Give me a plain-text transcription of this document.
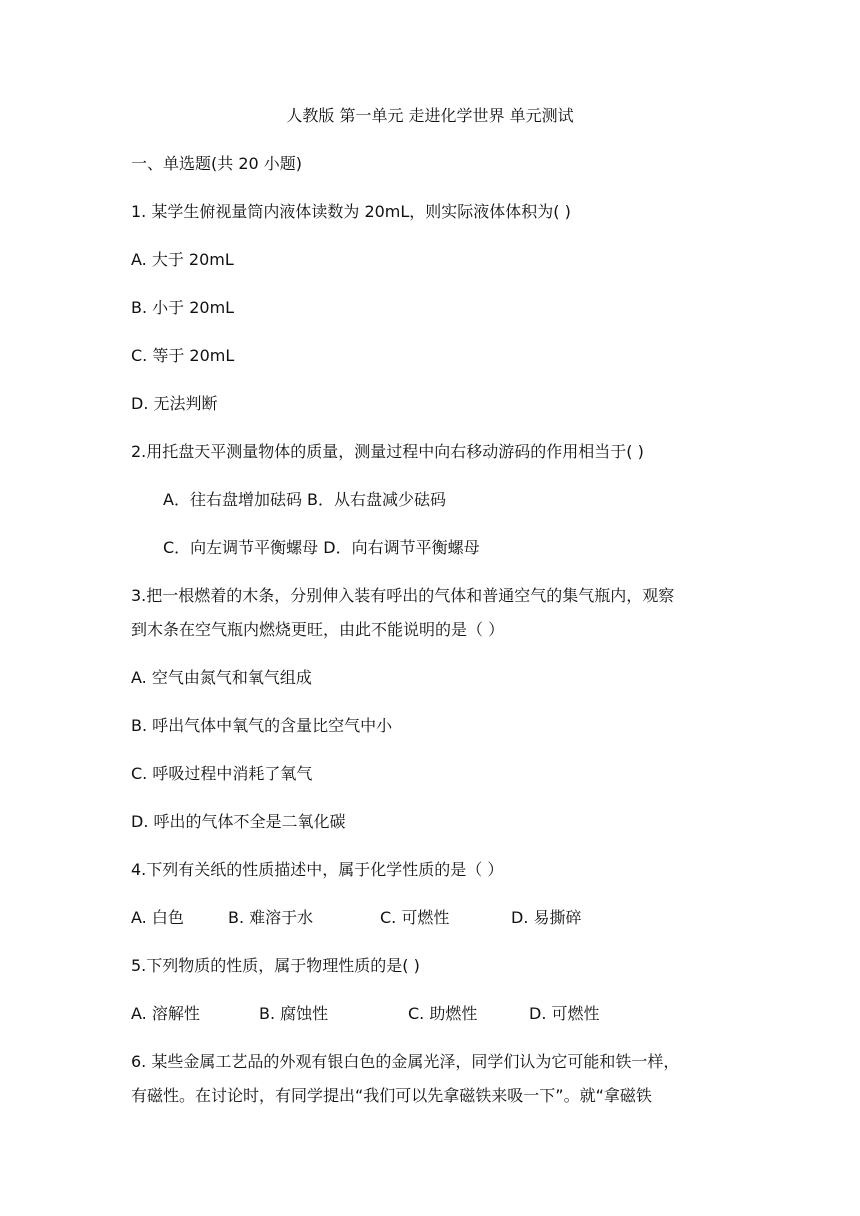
人教版 第一单元 走进化学世界 单元测试
一、单选题(共 20 小题)
1. 某学生俯视量筒内液体读数为 20mL，则实际液体体积为( )
A. 大于 20mL
B. 小于 20mL
C. 等于 20mL
D. 无法判断
2.用托盘天平测量物体的质量，测量过程中向右移动游码的作用相当于( )
A．往右盘增加砝码 B．从右盘减少砝码
C．向左调节平衡螺母 D．向右调节平衡螺母
3.把一根燃着的木条，分别伸入装有呼出的气体和普通空气的集气瓶内，观察
到木条在空气瓶内燃烧更旺，由此不能说明的是（ ）
A. 空气由氮气和氧气组成
B. 呼出气体中氧气的含量比空气中小
C. 呼吸过程中消耗了氧气
D. 呼出的气体不全是二氧化碳
4.下列有关纸的性质描述中，属于化学性质的是（ ）
A. 白色	B. 难溶于水	C. 可燃性	D. 易撕碎
5.下列物质的性质，属于物理性质的是( )
A. 溶解性	B. 腐蚀性	C. 助燃性	D. 可燃性
6. 某些金属工艺品的外观有银白色的金属光泽，同学们认为它可能和铁一样，
有磁性。在讨论时，有同学提出“我们可以先拿磁铁来吸一下”。就“拿磁铁
